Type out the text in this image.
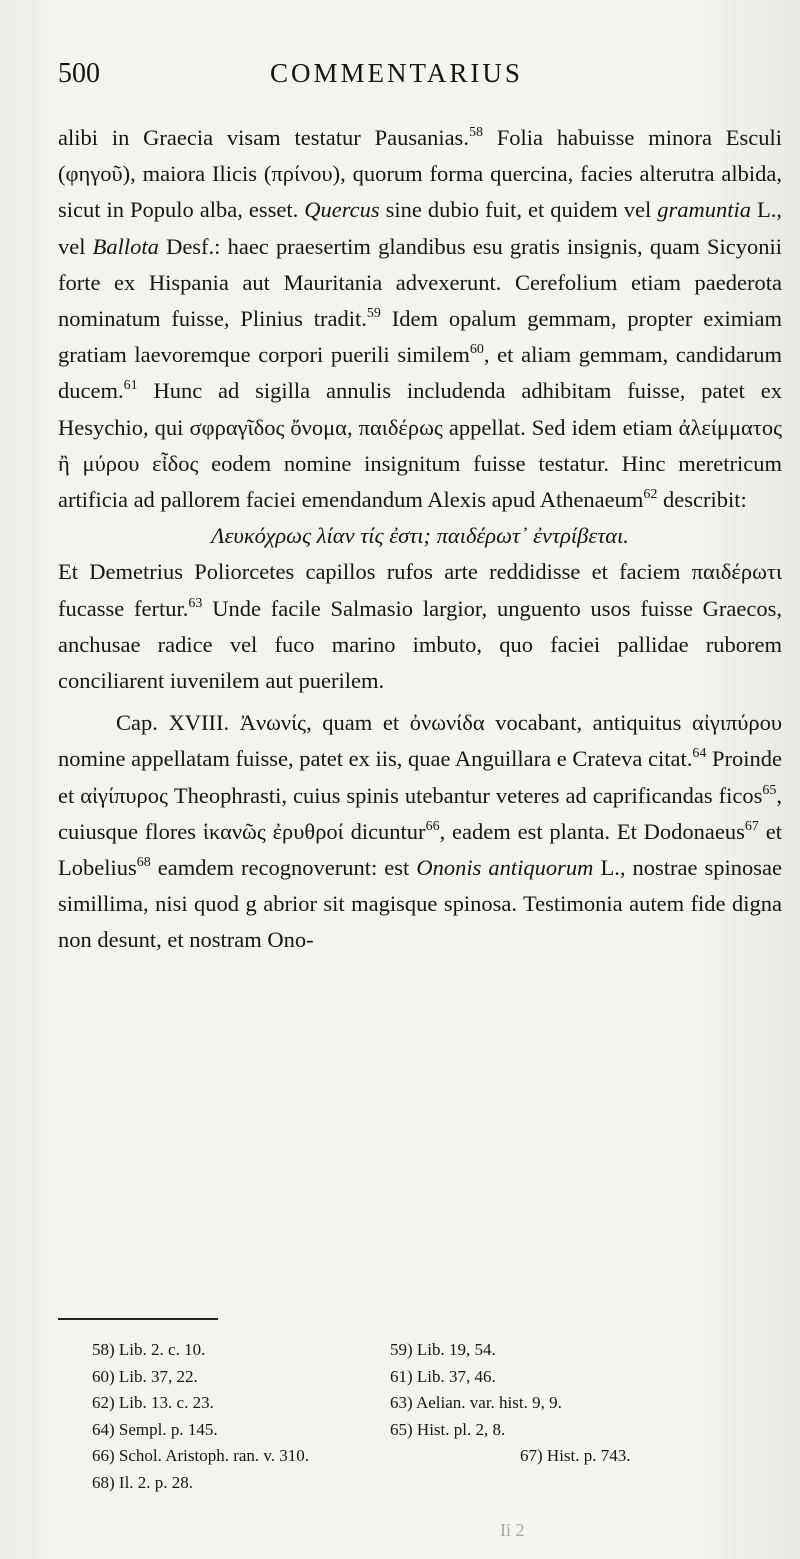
500	COMMENTARIUS

alibi in Graecia visam testatur Pausanias.$^{58}$ Folia habuisse minora Esculi (φηγοῦ), maiora Ilicis (πρίνου), quorum forma quercina, facies alterutra albida, sicut in Populo alba, esset. Quercus sine dubio fuit, et quidem vel gramuntia L., vel Ballota Desf.: haec praesertim glandibus esu gratis insignis, quam Sicyonii forte ex Hispania aut Mauritania advexerunt. Cerefolium etiam paederota nominatum fuisse, Plinius tradit.$^{59}$ Idem opalum gemmam, propter eximiam gratiam laevoremque corpori puerili similem$^{60}$, et aliam gemmam, candidarum ducem.$^{61}$ Hunc ad sigilla annulis includenda adhibitam fuisse, patet ex Hesychio, qui σφραγῖδος ὄνομα, παιδέρως appellat. Sed idem etiam ἀλείμματος ἢ μύρου εἶδος eodem nomine insignitum fuisse testatur. Hinc meretricum artificia ad pallorem faciei emendandum Alexis apud Athenaeum$^{62}$ describit:

Λευκόχρως λίαν τίς ἐστι; παιδέρωτ᾽ ἐντρίβεται.

Et Demetrius Poliorcetes capillos rufos arte reddidisse et faciem παιδέρωτι fucasse fertur.$^{63}$ Unde facile Salmasio largior, unguento usos fuisse Graecos, anchusae radice vel fuco marino imbuto, quo faciei pallidae ruborem conciliarent iuvenilem aut puerilem.

Cap. XVIII. Ἀνωνίς, quam et ὀνωνίδα vocabant, antiquitus αἰγιπύρου nomine appellatam fuisse, patet ex iis, quae Anguillara e Crateva citat.$^{64}$ Proinde et αἰγίπυρος Theophrasti, cuius spinis utebantur veteres ad caprificandas ficos$^{65}$, cuiusque flores ἱκανῶς ἐρυθροί dicuntur$^{66}$, eadem est planta. Et Dodonaeus$^{67}$ et Lobelius$^{68}$ eamdem recognoverunt: est Ononis antiquorum L., nostrae spinosae simillima, nisi quod g abrior sit magisque spinosa. Testimonia autem fide digna non desunt, et nostram Ono-

58) Lib. 2. c. 10.	59) Lib. 19, 54.
60) Lib. 37, 22.	61) Lib. 37, 46.
62) Lib. 13. c. 23.	63) Aelian. var. hist. 9, 9.
64) Sempl. p. 145.	65) Hist. pl. 2, 8.
66) Schol. Aristoph. ran. v. 310.	67) Hist. p. 743.
68) Il. 2. p. 28.
Ii 2
